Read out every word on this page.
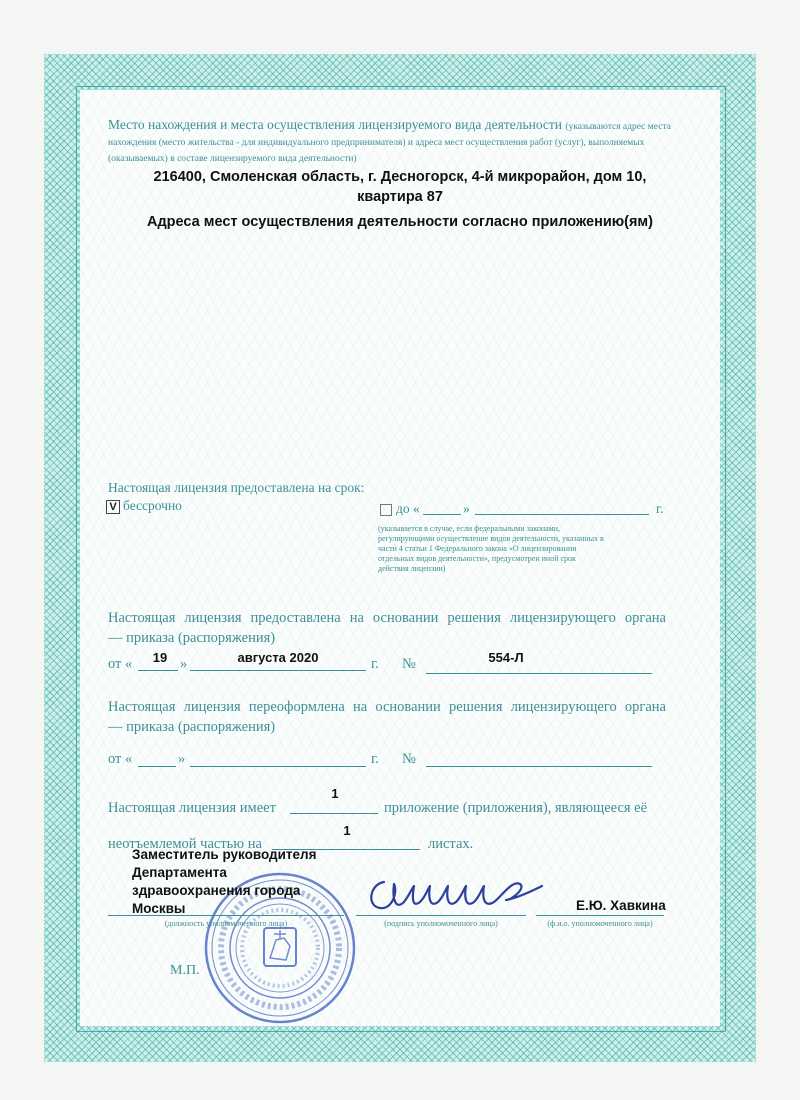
Место нахождения и места осуществления лицензируемого вида деятельности (указываются адрес места нахождения (место жительства - для индивидуального предпринимателя) и адреса мест осуществления работ (услуг), выполняемых (оказываемых) в составе лицензируемого вида деятельности)
216400, Смоленская область, г. Десногорск, 4-й микрорайон, дом 10,
квартира 87
Адреса мест осуществления деятельности согласно приложению(ям)
Настоящая лицензия предоставлена на срок:
V бессрочно	до «	»	г.
(указывается в случае, если федеральными законами, регулирующими осуществление видов деятельности, указанных в части 4 статьи 1 Федерального закона «О лицензировании отдельных видов деятельности», предусмотрен иной срок действия лицензии)
Настоящая лицензия предоставлена на основании решения лицензирующего органа
— приказа (распоряжения)
от «	19 »	августа 2020	г. №	554-Л
Настоящая лицензия переоформлена на основании решения лицензирующего органа
— приказа (распоряжения)
от «	»	г. №
Настоящая лицензия имеет
1
приложение (приложения), являющееся её
неотъемлемой частью на
1
листах.
Заместитель руководителя
Департамента
здравоохранения города
Москвы	Е.Ю. Хавкина
(должность уполномоченного лица)	(подпись уполномоченного лица)	(ф.и.о. уполномоченного лица)
М.П.
